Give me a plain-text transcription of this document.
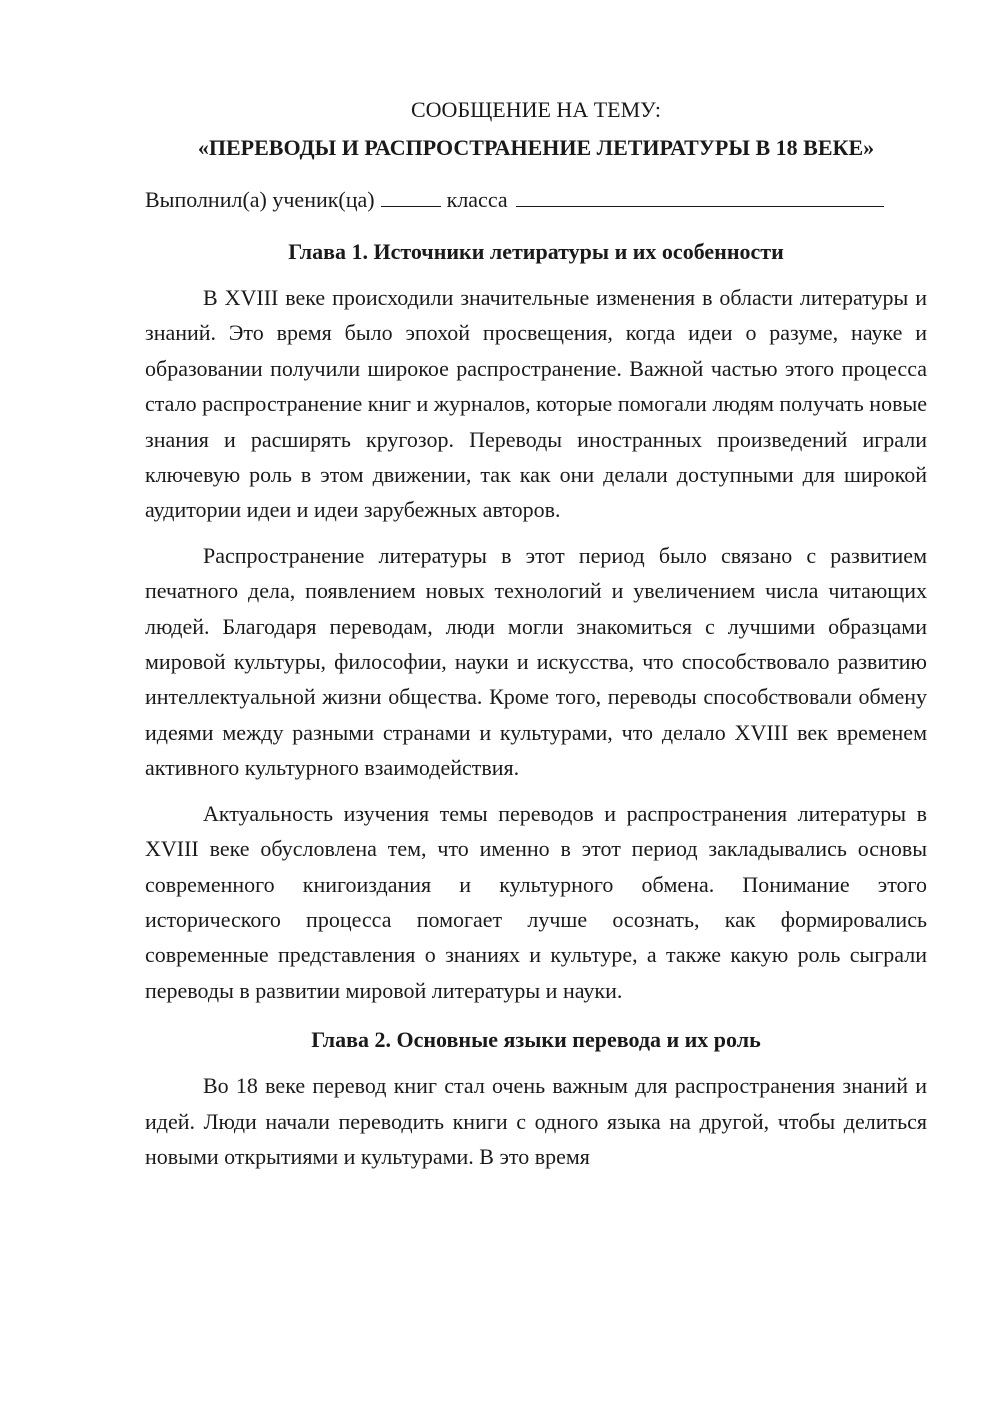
СООБЩЕНИЕ НА ТЕМУ:

«ПЕРЕВОДЫ И РАСПРОСТРАНЕНИЕ ЛЕТИРАТУРЫ В 18 ВЕКЕ»

Выполнил(а) ученик(ца)	класса

Глава 1. Источники летиратуры и их особенности

В XVIII веке происходили значительные изменения в области литературы и знаний. Это время было эпохой просвещения, когда идеи о разуме, науке и образовании получили широкое распространение. Важной частью этого процесса стало распространение книг и журналов, которые помогали людям получать новые знания и расширять кругозор. Переводы иностранных произведений играли ключевую роль в этом движении, так как они делали доступными для широкой аудитории идеи и идеи зарубежных авторов.

Распространение литературы в этот период было связано с развитием печатного дела, появлением новых технологий и увеличением числа читающих людей. Благодаря переводам, люди могли знакомиться с лучшими образцами мировой культуры, философии, науки и искусства, что способствовало развитию интеллектуальной жизни общества. Кроме того, переводы способствовали обмену идеями между разными странами и культурами, что делало XVIII век временем активного культурного взаимодействия.

Актуальность изучения темы переводов и распространения литературы в XVIII веке обусловлена тем, что именно в этот период закладывались основы современного книгоиздания и культурного обмена. Понимание этого исторического процесса помогает лучше осознать, как формировались современные представления о знаниях и культуре, а также какую роль сыграли переводы в развитии мировой литературы и науки.

Глава 2. Основные языки перевода и их роль

Во 18 веке перевод книг стал очень важным для распространения знаний и идей. Люди начали переводить книги с одного языка на другой, чтобы делиться новыми открытиями и культурами. В это время
